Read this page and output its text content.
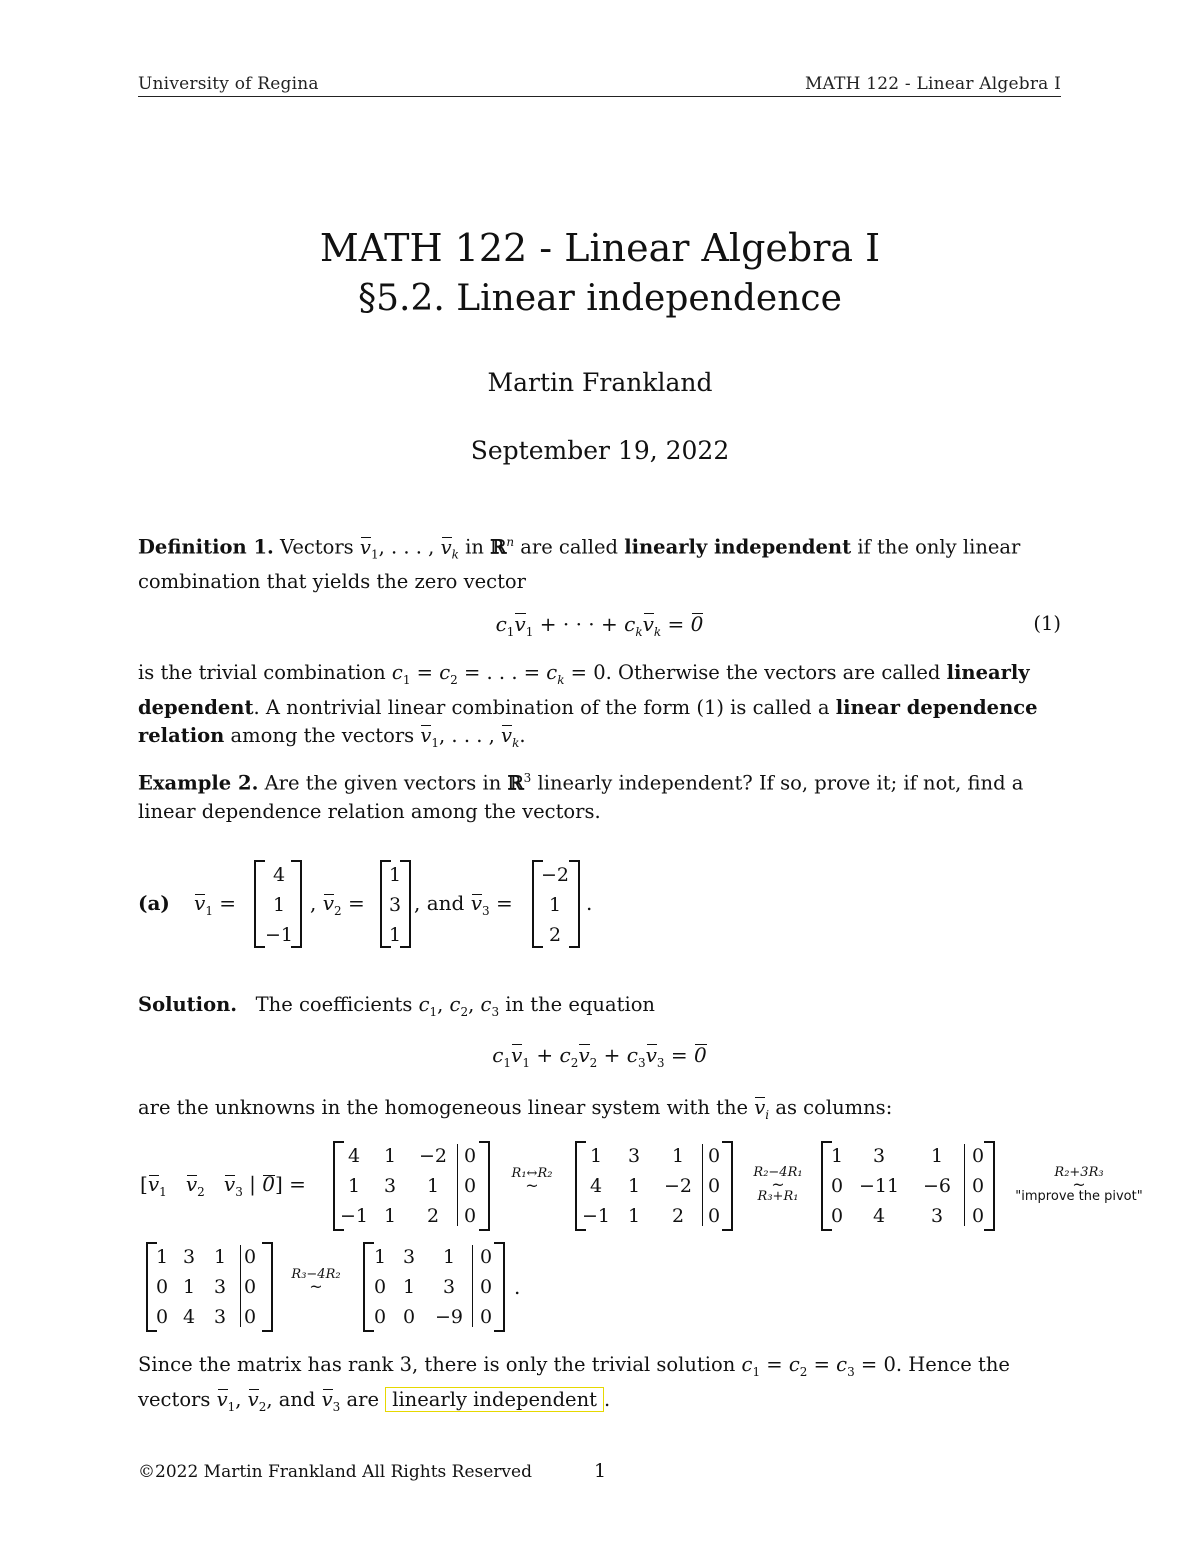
University of Regina	MATH 122 - Linear Algebra I
MATH 122 - Linear Algebra I
§5.2. Linear independence
Martin Frankland
September 19, 2022
Definition 1. Vectors $v_1$, . . . , $v_k$ in ℝ$^n$ are called linearly independent if the only linear combination that yields the zero vector
$c_1v_1$ + · · · + $c_kv_k = 0$	(1)
is the trivial combination $c_1 = c_2$ = . . . = $c_k = 0$. Otherwise the vectors are called linearly dependent. A nontrivial linear combination of the form (1) is called a linear dependence relation among the vectors $v_1$, . . . , $v_k$.
Example 2. Are the given vectors in ℝ$^3$ linearly independent? If so, prove it; if not, find a linear dependence relation among the vectors.
(a) $v_1$ =
4
1
−1
, $v_2$ =
1
3
1
, and $v_3$ =
−2
1
2
.
Solution. The coefficients $c_1$, $c_2$, $c_3$ in the equation
$c_1v_1 + c_2v_2 + c_3v_3 = 0$
are the unknowns in the homogeneous linear system with the $v_i$ as columns:
[$v_1$ $v_2$ $v_3$ | 0] =
4	1	−2 0
1	3	1	0
−1 1	2	0
R₁↔R₂
~
1	3	1	0
4	1	−2 0
−1 1	2	0
R₂−4R₁
~
R₃+R₁
1	3	1	0
0 −11	−6	0
0	4	3	0
R₂+3R₃
~
"improve the pivot"
1 3 1 0
0 1 3 0
0 4 3 0
R₃−4R₂
~
1 3	1	0
0 1	3	0
0 0	−9 0
.
Since the matrix has rank 3, there is only the trivial solution $c_1 = c_2 = c_3 = 0$. Hence the vectors $v_1$, $v_2$, and $v_3$ are linearly independent .
©2022 Martin Frankland All Rights Reserved	1
